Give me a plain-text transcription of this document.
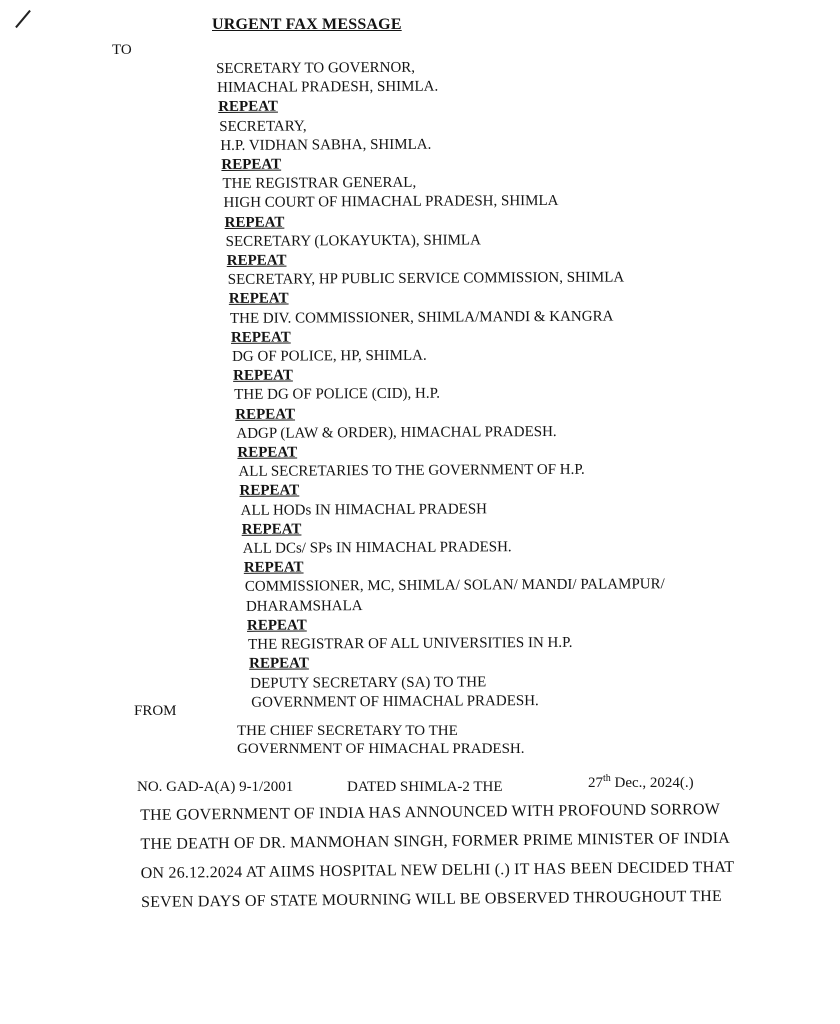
URGENT FAX MESSAGE
TO
SECRETARY TO GOVERNOR,
HIMACHAL PRADESH, SHIMLA.
REPEAT
SECRETARY,
H.P. VIDHAN SABHA, SHIMLA.
REPEAT
THE REGISTRAR GENERAL,
HIGH COURT OF HIMACHAL PRADESH, SHIMLA
REPEAT
SECRETARY (LOKAYUKTA), SHIMLA
REPEAT
SECRETARY, HP PUBLIC SERVICE COMMISSION, SHIMLA
REPEAT
THE DIV. COMMISSIONER, SHIMLA/MANDI & KANGRA
REPEAT
DG OF POLICE, HP, SHIMLA.
REPEAT
THE DG OF POLICE (CID), H.P.
REPEAT
ADGP (LAW & ORDER), HIMACHAL PRADESH.
REPEAT
ALL SECRETARIES TO THE GOVERNMENT OF H.P.
REPEAT
ALL HODs IN HIMACHAL PRADESH
REPEAT
ALL DCs/ SPs IN HIMACHAL PRADESH.
REPEAT
COMMISSIONER, MC, SHIMLA/ SOLAN/ MANDI/ PALAMPUR/
DHARAMSHALA
REPEAT
THE REGISTRAR OF ALL UNIVERSITIES IN H.P.
REPEAT
DEPUTY SECRETARY (SA) TO THE
GOVERNMENT OF HIMACHAL PRADESH.
FROM
THE CHIEF SECRETARY TO THE
GOVERNMENT OF HIMACHAL PRADESH.
NO. GAD-A(A) 9-1/2001	DATED SHIMLA-2 THE	27th Dec., 2024(.)
THE GOVERNMENT OF INDIA HAS ANNOUNCED WITH PROFOUND SORROW
THE DEATH OF DR. MANMOHAN SINGH, FORMER PRIME MINISTER OF INDIA
ON 26.12.2024 AT AIIMS HOSPITAL NEW DELHI (.) IT HAS BEEN DECIDED THAT
SEVEN DAYS OF STATE MOURNING WILL BE OBSERVED THROUGHOUT THE
